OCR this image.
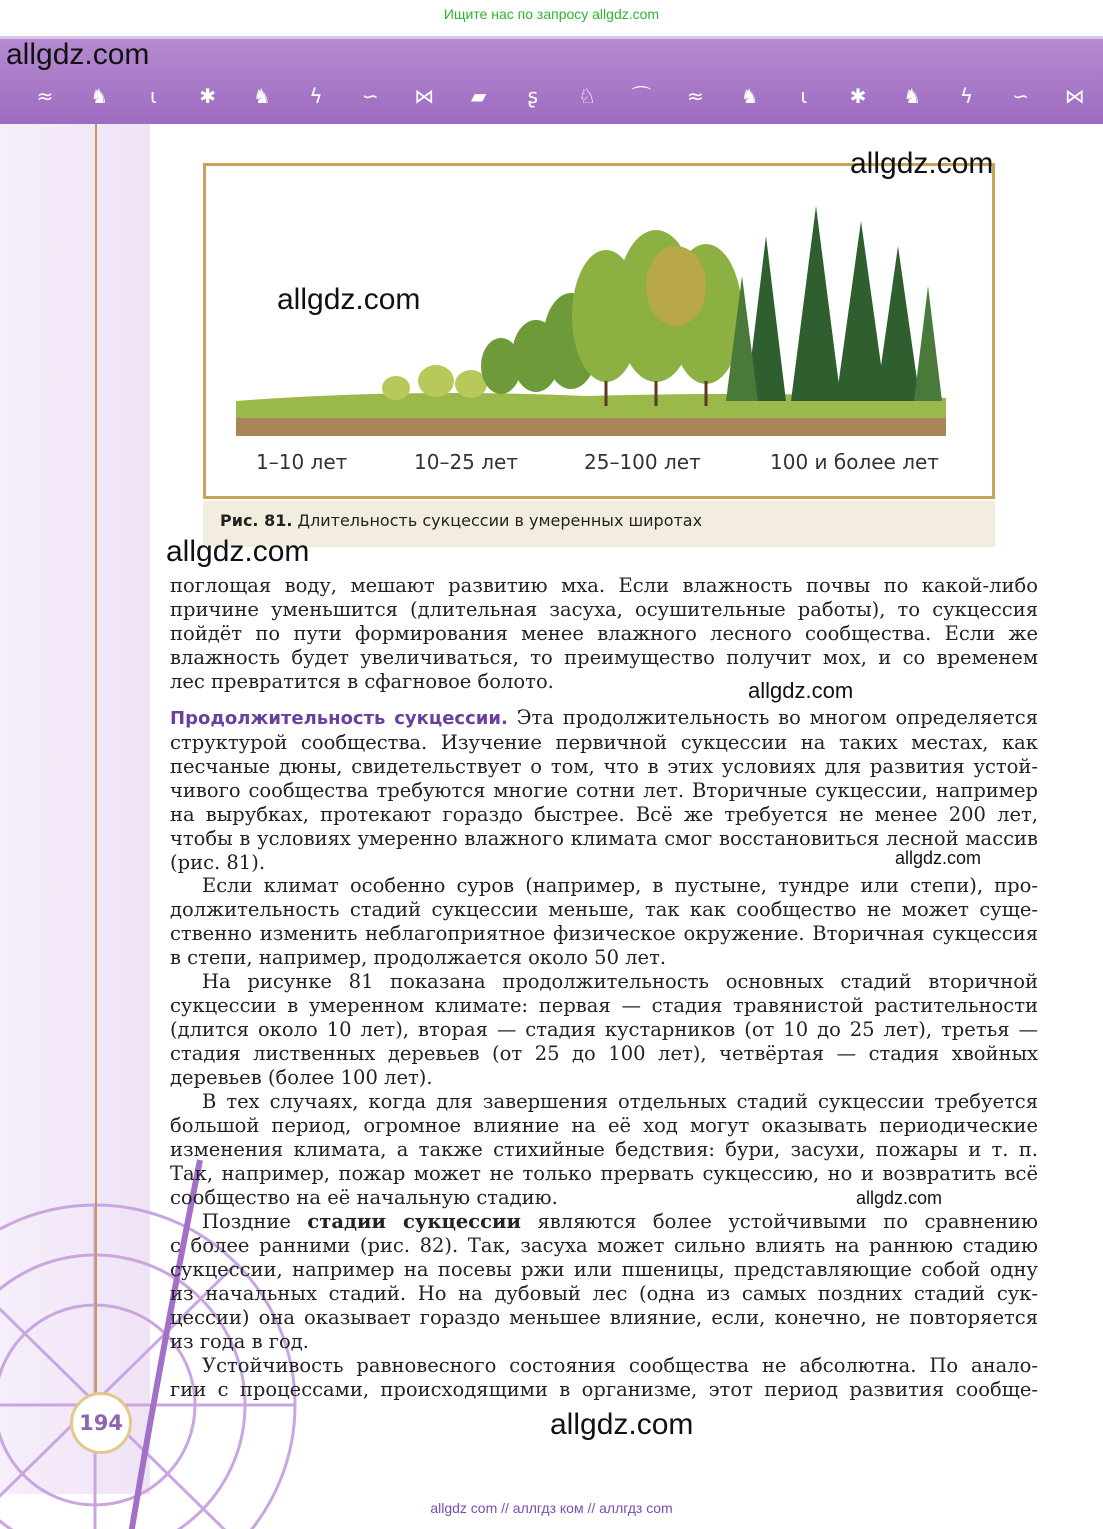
Ищите нас по запросу allgdz.com
≈	♞	ɩ	✱	♞	ϟ	∽	⋈	▰	ʂ	♘	⌒	≈	♞	ɩ	✱	♞	ϟ	∽	⋈
allgdz.com
allgdz.com
allgdz.com
1–10 лет	10–25 лет	25–100 лет	100 и более лет
Рис. 81. Длительность сукцессии в умеренных широтах
allgdz.com
поглощая воду, мешают развитию мха. Если влажность почвы по какой-либо
причине уменьшится (длительная засуха, осушительные работы), то сукцессия
пойдёт по пути формирования менее влажного лесного сообщества. Если же
влажность будет увеличиваться, то преимущество получит мох, и со временем
лес превратится в сфагновое болото.	allgdz.com
Продолжительность сукцессии. Эта продолжительность во многом определяется
структурой сообщества. Изучение первичной сукцессии на таких местах, как
песчаные дюны, свидетельствует о том, что в этих условиях для развития устой-
чивого сообщества требуются многие сотни лет. Вторичные сукцессии, например
на вырубках, протекают гораздо быстрее. Всё же требуется не менее 200 лет,
чтобы в условиях умеренно влажного климата смог восстановиться лесной массив
(рис. 81).	allgdz.com
Если климат особенно суров (например, в пустыне, тундре или степи), про-
должительность стадий сукцессии меньше, так как сообщество не может суще-
ственно изменить неблагоприятное физическое окружение. Вторичная сукцессия
в степи, например, продолжается около 50 лет.
На рисунке 81 показана продолжительность основных стадий вторичной
сукцессии в умеренном климате: первая — стадия травянистой растительности
(длится около 10 лет), вторая — стадия кустарников (от 10 до 25 лет), третья —
стадия лиственных деревьев (от 25 до 100 лет), четвёртая — стадия хвойных
деревьев (более 100 лет).
В тех случаях, когда для завершения отдельных стадий сукцессии требуется
большой период, огромное влияние на её ход могут оказывать периодические
изменения климата, а также стихийные бедствия: бури, засухи, пожары и т. п.
Так, например, пожар может не только прервать сукцессию, но и возвратить всё
сообщество на её начальную стадию.	allgdz.com
Поздние стадии сукцессии являются более устойчивыми по сравнению
с более ранними (рис. 82). Так, засуха может сильно влиять на раннюю стадию
сукцессии, например на посевы ржи или пшеницы, представляющие собой одну
из начальных стадий. Но на дубовый лес (одна из самых поздних стадий сук-
цессии) она оказывает гораздо меньшее влияние, если, конечно, не повторяется
из года в год.
Устойчивость равновесного состояния сообщества не абсолютна. По анало-
гии с процессами, происходящими в организме, этот период развития сообще-
allgdz.com
194
allgdz com // аллгдз ком // аллгдз com
